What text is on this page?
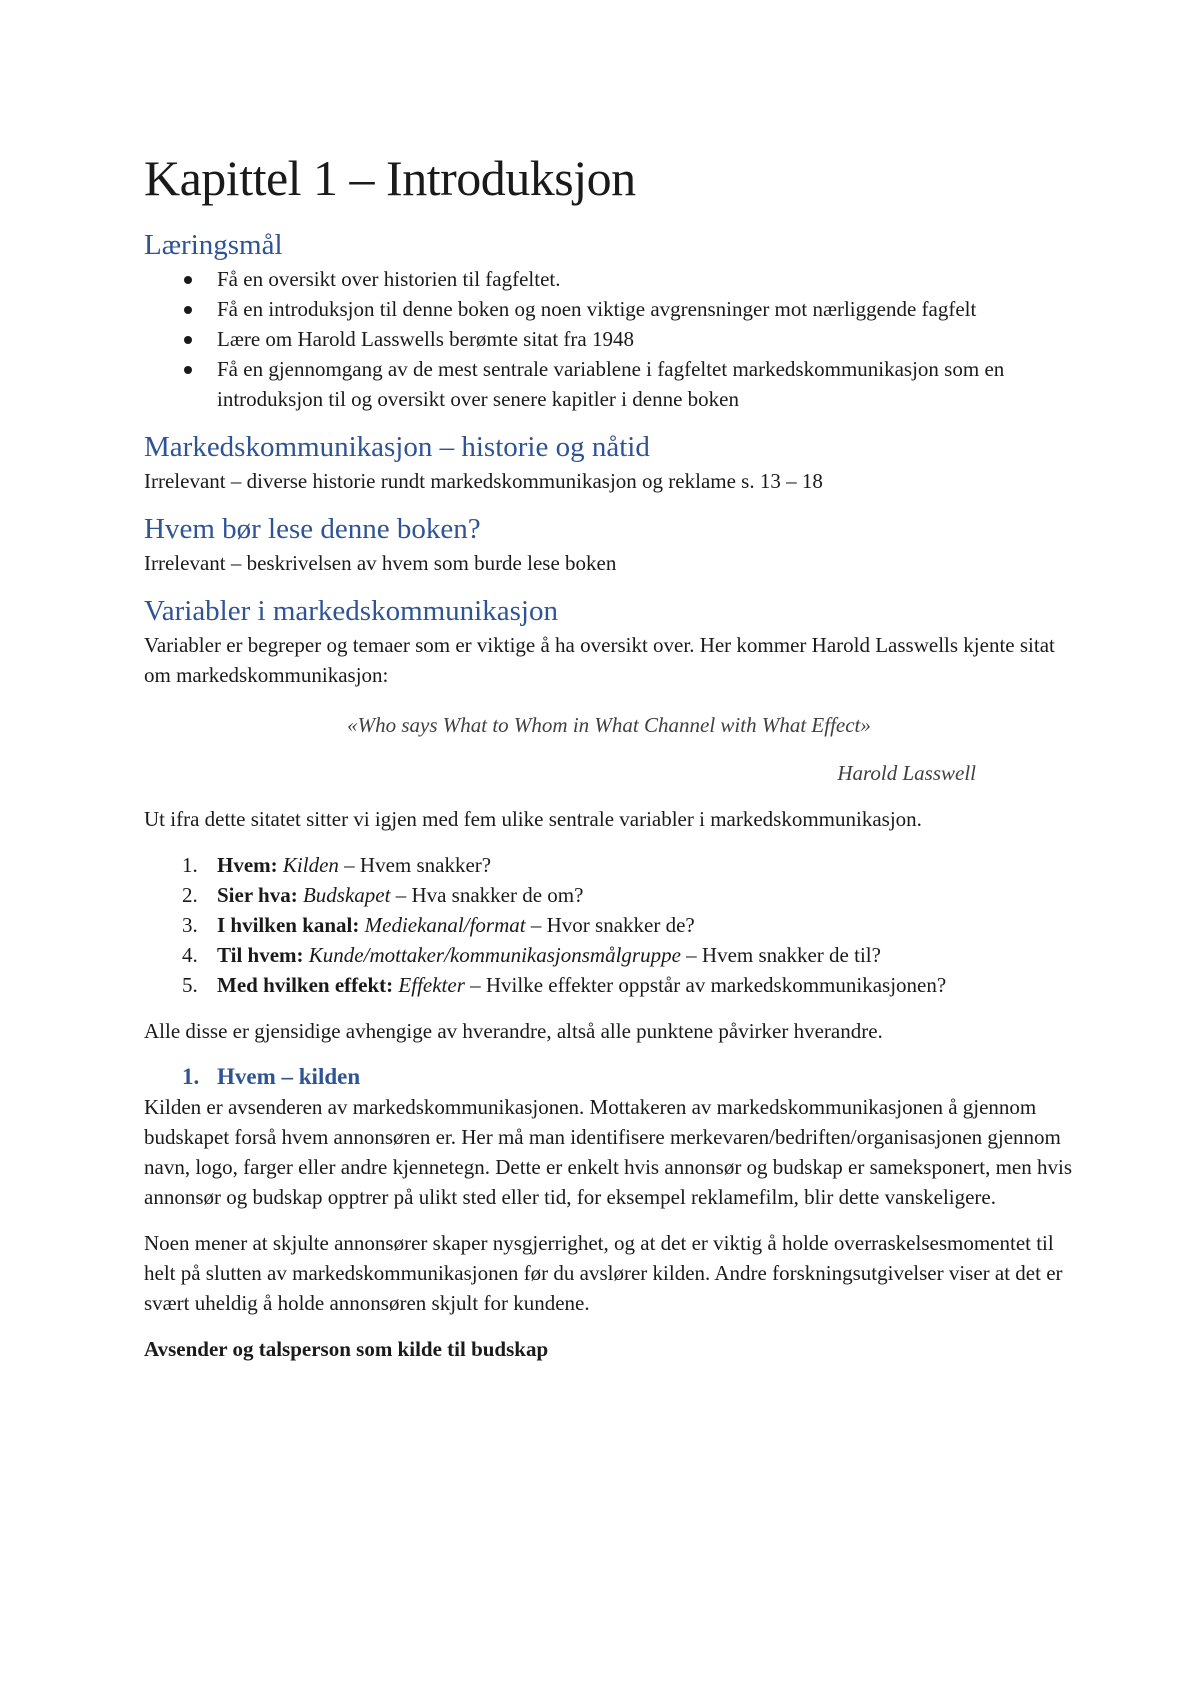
Kapittel 1 – Introduksjon
Læringsmål
Få en oversikt over historien til fagfeltet.
Få en introduksjon til denne boken og noen viktige avgrensninger mot nærliggende fagfelt
Lære om Harold Lasswells berømte sitat fra 1948
Få en gjennomgang av de mest sentrale variablene i fagfeltet markedskommunikasjon som en introduksjon til og oversikt over senere kapitler i denne boken
Markedskommunikasjon – historie og nåtid

Irrelevant – diverse historie rundt markedskommunikasjon og reklame s. 13 – 18

Hvem bør lese denne boken?

Irrelevant – beskrivelsen av hvem som burde lese boken

Variabler i markedskommunikasjon

Variabler er begreper og temaer som er viktige å ha oversikt over. Her kommer Harold Lasswells kjente sitat om markedskommunikasjon:

«Who says What to Whom in What Channel with What Effect»

Harold Lasswell

Ut ifra dette sitatet sitter vi igjen med fem ulike sentrale variabler i markedskommunikasjon.

1. Hvem: Kilden – Hvem snakker?
2. Sier hva: Budskapet – Hva snakker de om?
3. I hvilken kanal: Mediekanal/format – Hvor snakker de?
4. Til hvem: Kunde/mottaker/kommunikasjonsmålgruppe – Hvem snakker de til?
5. Med hvilken effekt: Effekter – Hvilke effekter oppstår av markedskommunikasjonen?

Alle disse er gjensidige avhengige av hverandre, altså alle punktene påvirker hverandre.

1. Hvem – kilden

Kilden er avsenderen av markedskommunikasjonen. Mottakeren av markedskommunikasjonen å gjennom budskapet forså hvem annonsøren er. Her må man identifisere merkevaren/bedriften/organisasjonen gjennom navn, logo, farger eller andre kjennetegn. Dette er enkelt hvis annonsør og budskap er sameksponert, men hvis annonsør og budskap opptrer på ulikt sted eller tid, for eksempel reklamefilm, blir dette vanskeligere.

Noen mener at skjulte annonsører skaper nysgjerrighet, og at det er viktig å holde overraskelsesmomentet til helt på slutten av markedskommunikasjonen før du avslører kilden. Andre forskningsutgivelser viser at det er svært uheldig å holde annonsøren skjult for kundene.

Avsender og talsperson som kilde til budskap
